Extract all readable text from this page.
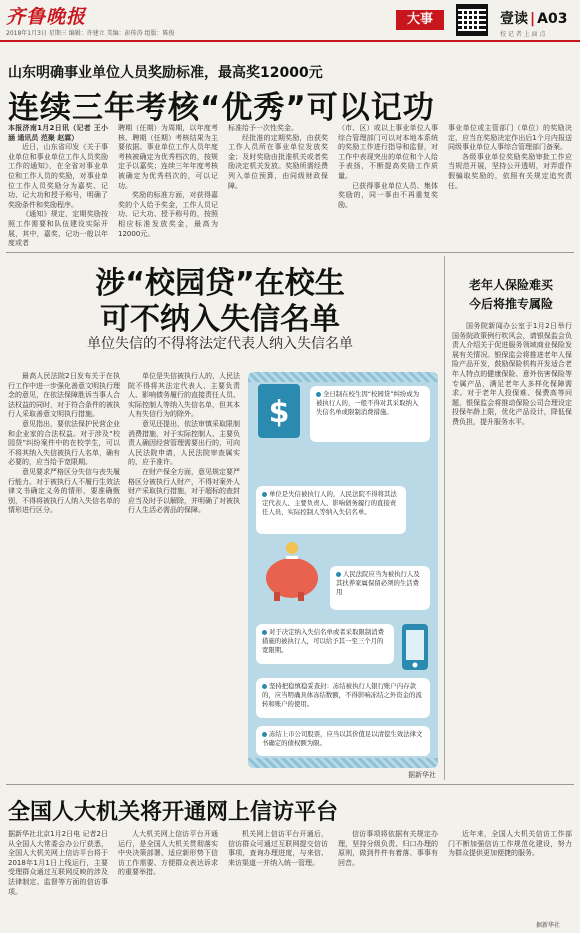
齐鲁晚报
2018年1月3日 星期三 编辑：许建立 美编：彭传涛 组版：陈俊
大事	壹读 | A03
校 记 者 上 面 点
山东明确事业单位人员奖励标准，最高奖12000元
连续三年考核“优秀”可以记功

本报济南1月2日讯（记者 王小涵 通讯员 范聚 赵霖）

近日，山东省印发《关于事业单位和事业单位工作人员奖励工作的通知》，在全省对事业单位和工作人员的奖励，对事业单位工作人员奖励分为嘉奖、记功、记大功和授予称号，明确了奖励条件和奖励程序。

《通知》规定，定期奖励按照工作需要和队伍建设实际开展，其中，嘉奖、记功一般以年度或者

聘期（任期）为周期，以年度考核、聘期（任期）考核结果为主要依据。事业单位工作人员年度考核被确定为优秀档次的，按规定予以嘉奖；连续三年年度考核被确定为优秀档次的，可以记功。

奖励的标准方面，对获得嘉奖的个人给予奖金，工作人员记功、记大功、授予称号的，按照相应标准发放奖金，最高为12000元。

标准给予一次性奖金。

经批准的定期奖励，由获奖工作人员所在事业单位发放奖金；及时奖励由批准机关或者奖励决定机关发放。奖励所需经费列入单位预算，由同级财政保障。

（市、区）或以上事业单位人事综合管理部门可以对本地本系统的奖励工作进行指导和监督，对工作中表现突出的单位和个人给予表扬，不断提高奖励工作质量。

已获得事业单位人员、集体奖励的，同一事由不再重复奖励。

事业单位或主管部门（单位）的奖励决定，应当在奖励决定作出后1个月内报送同级事业单位人事综合管理部门备案。

各级事业单位奖励奖励审批工作应当规范开展，坚持公开透明，对弄虚作假骗取奖励的，依照有关规定追究责任。

涉“校园贷”在校生
可不纳入失信名单
单位失信的不得将法定代表人纳入失信名单

最高人民法院2日发布关于在执行工作中进一步强化善意文明执行理念的意见，在依法保障胜诉当事人合法权益的同时，对于符合条件的被执行人采取善意文明执行措施。

意见指出，要依法保护民营企业和企业家的合法权益。对于涉及“校园贷”纠纷案件中的在校学生，可以不将其纳入失信被执行人名单，确有必要的，应当给予宽限期。

意见要求严格区分失信与丧失履行能力。对于被执行人不履行生效法律文书确定义务的情形，要准确甄别，不得将被执行人纳入失信名单的情形进行区分。

单位是失信被执行人的，人民法院不得将其法定代表人、主要负责人、影响债务履行的直接责任人员、实际控制人等纳入失信名单，但其本人有失信行为的除外。

意见还提出，依法审慎采取限制消费措施，对于实际控制人、主要负责人确因经营管理需要出行的，可向人民法院申请，人民法院审查属实的，应予准许。

在财产保全方面，意见规定要严格区分被执行人财产，不得对案外人财产采取执行措施，对于超标的查封应当及时予以解除，并明确了对被执行人生活必需品的保障。

$
全日制在校生因“校园贷”纠纷成为被执行人的，一般不得对其采取纳入失信名单或限制消费措施。
单位是失信被执行人的，人民法院不得将其法定代表人、主要负责人、影响债务履行的直接责任人员、实际控制人等纳入失信名单。
人民法院应当为被执行人及其扶养家属保留必须的生活费用
对于决定纳入失信名单或者采取限制消费措施的被执行人，可以给予其一至三个月的宽限期。
坚持把稳慎稳妥查封：冻结被执行人银行账户内存款的，应当明确具体冻结数额，不得影响冻结之外资金的流转和账户的使用。
冻结上市公司股票，应当以其价值足以清偿生效法律文书确定的债权额为限。
据新华社
老年人保险难买
今后将推专属险

国务院新闻办公室于1月2日举行国务院政策例行吹风会，请银保监会负责人介绍关于促进服务领域商业保险发展有关情况。银保监会将推进老年人保险产品开发，鼓励保险机构开发适合老年人特点的健康保险、意外伤害保险等专属产品，满足老年人多样化保障需求。对于老年人投保难、保费高等问题，银保监会将推动保险公司合理设定投保年龄上限，优化产品设计，降低保费负担，提升服务水平。

全国人大机关将开通网上信访平台

据新华社北京1月2日电 记者2日从全国人大常委会办公厅获悉，全国人大机关网上信访平台将于2018年1月1日上线运行，主要受理群众通过互联网反映的涉及法律制定、监督等方面的信访事项。

人大机关网上信访平台开通运行，是全国人大机关贯彻落实中央决策部署、适应新形势下信访工作需要、方便群众表达诉求的重要举措。

机关网上信访平台开通后，信访群众可通过互联网提交信访事项，查询办理进度，与来信、来访渠道一并纳入统一管理。

信访事项将依据有关规定办理，坚持分级负责、归口办理的原则，做到件件有着落、事事有回音。

近年来，全国人大机关信访工作部门不断加强信访工作规范化建设，努力为群众提供更加便捷的服务。

据新华社
